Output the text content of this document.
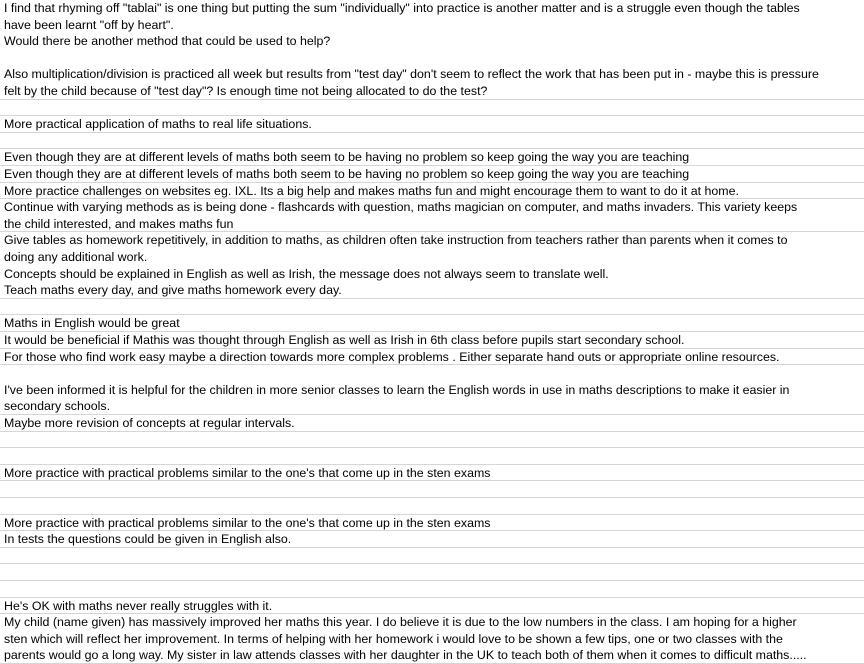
I find that rhyming off "tablai" is one thing but putting the sum "individually" into practice is another matter and is a struggle even though the tables
have been learnt "off by heart".
Would there be another method that could be used to help?

Also multiplication/division is practiced all week but results from "test day" don't seem to reflect the work that has been put in - maybe this is pressure
felt by the child because of "test day"? Is enough time not being allocated to do the test?

More practical application of maths to real life situations.

Even though they are at different levels of maths both seem to be having no problem so keep going the way you are teaching
Even though they are at different levels of maths both seem to be having no problem so keep going the way you are teaching
More practice challenges on websites eg. IXL. Its a big help and makes maths fun and might encourage them to want to do it at home.
Continue with varying methods as is being done - flashcards with question, maths magician on computer, and maths invaders. This variety keeps
the child interested, and makes maths fun
Give tables as homework repetitively, in addition to maths, as children often take instruction from teachers rather than parents when it comes to
doing any additional work.
Concepts should be explained in English as well as Irish, the message does not always seem to translate well.
Teach maths every day, and give maths homework every day.

Maths in English would be great
It would be beneficial if Mathis was thought through English as well as Irish in 6th class before pupils start secondary school.
For those who find work easy maybe a direction towards more complex problems . Either separate hand outs or appropriate online resources.

I've been informed it is helpful for the children in more senior classes to learn the English words in use in maths descriptions to make it easier in
secondary schools.
Maybe more revision of concepts at regular intervals.

More practice with practical problems similar to the one's that come up in the sten exams

More practice with practical problems similar to the one's that come up in the sten exams
In tests the questions could be given in English also.

He's OK with maths never really struggles with it.
My child (name given) has massively improved her maths this year. I do believe it is due to the low numbers in the class. I am hoping for a higher
sten which will reflect her improvement. In terms of helping with her homework i would love to be shown a few tips, one or two classes with the
parents would go a long way. My sister in law attends classes with her daughter in the UK to teach both of them when it comes to difficult maths.....
